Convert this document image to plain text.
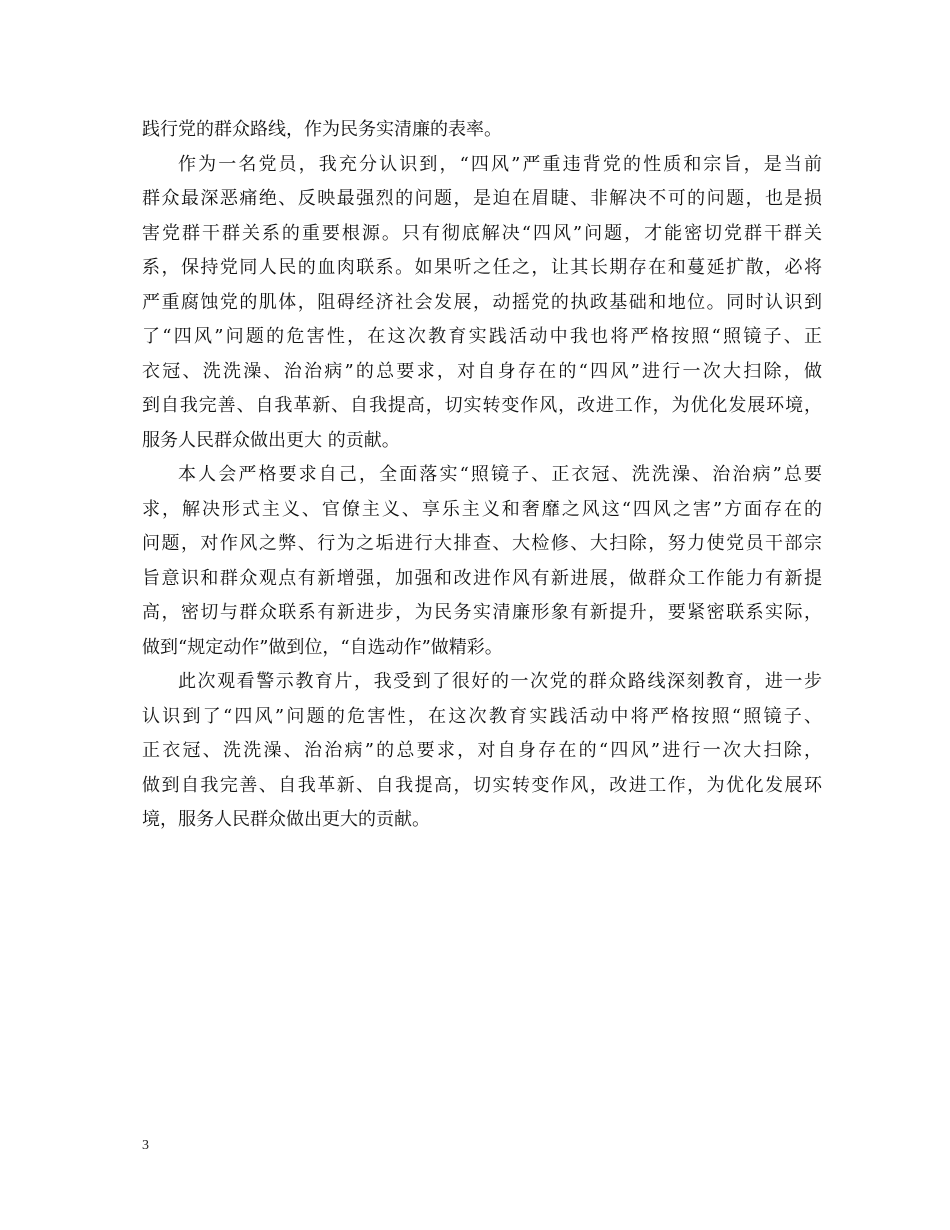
践行党的群众路线，作为民务实清廉的表率。
作为一名党员，我充分认识到，“四风”严重违背党的性质和宗旨，是当前
群众最深恶痛绝、反映最强烈的问题，是迫在眉睫、非解决不可的问题，也是损
害党群干群关系的重要根源。只有彻底解决“四风”问题，才能密切党群干群关
系，保持党同人民的血肉联系。如果听之任之，让其长期存在和蔓延扩散，必将
严重腐蚀党的肌体，阻碍经济社会发展，动摇党的执政基础和地位。同时认识到
了“四风”问题的危害性，在这次教育实践活动中我也将严格按照“照镜子、正
衣冠、洗洗澡、治治病”的总要求，对自身存在的“四风”进行一次大扫除，做
到自我完善、自我革新、自我提高，切实转变作风，改进工作，为优化发展环境，
服务人民群众做出更大 的贡献。
本人会严格要求自己，全面落实“照镜子、正衣冠、洗洗澡、治治病”总要
求，解决形式主义、官僚主义、享乐主义和奢靡之风这“四风之害”方面存在的
问题，对作风之弊、行为之垢进行大排查、大检修、大扫除，努力使党员干部宗
旨意识和群众观点有新增强，加强和改进作风有新进展，做群众工作能力有新提
高，密切与群众联系有新进步，为民务实清廉形象有新提升，要紧密联系实际，
做到“规定动作”做到位，“自选动作”做精彩。
此次观看警示教育片，我受到了很好的一次党的群众路线深刻教育，进一步
认识到了“四风”问题的危害性，在这次教育实践活动中将严格按照“照镜子、
正衣冠、洗洗澡、治治病”的总要求，对自身存在的“四风”进行一次大扫除，
做到自我完善、自我革新、自我提高，切实转变作风，改进工作，为优化发展环
境，服务人民群众做出更大的贡献。
3
